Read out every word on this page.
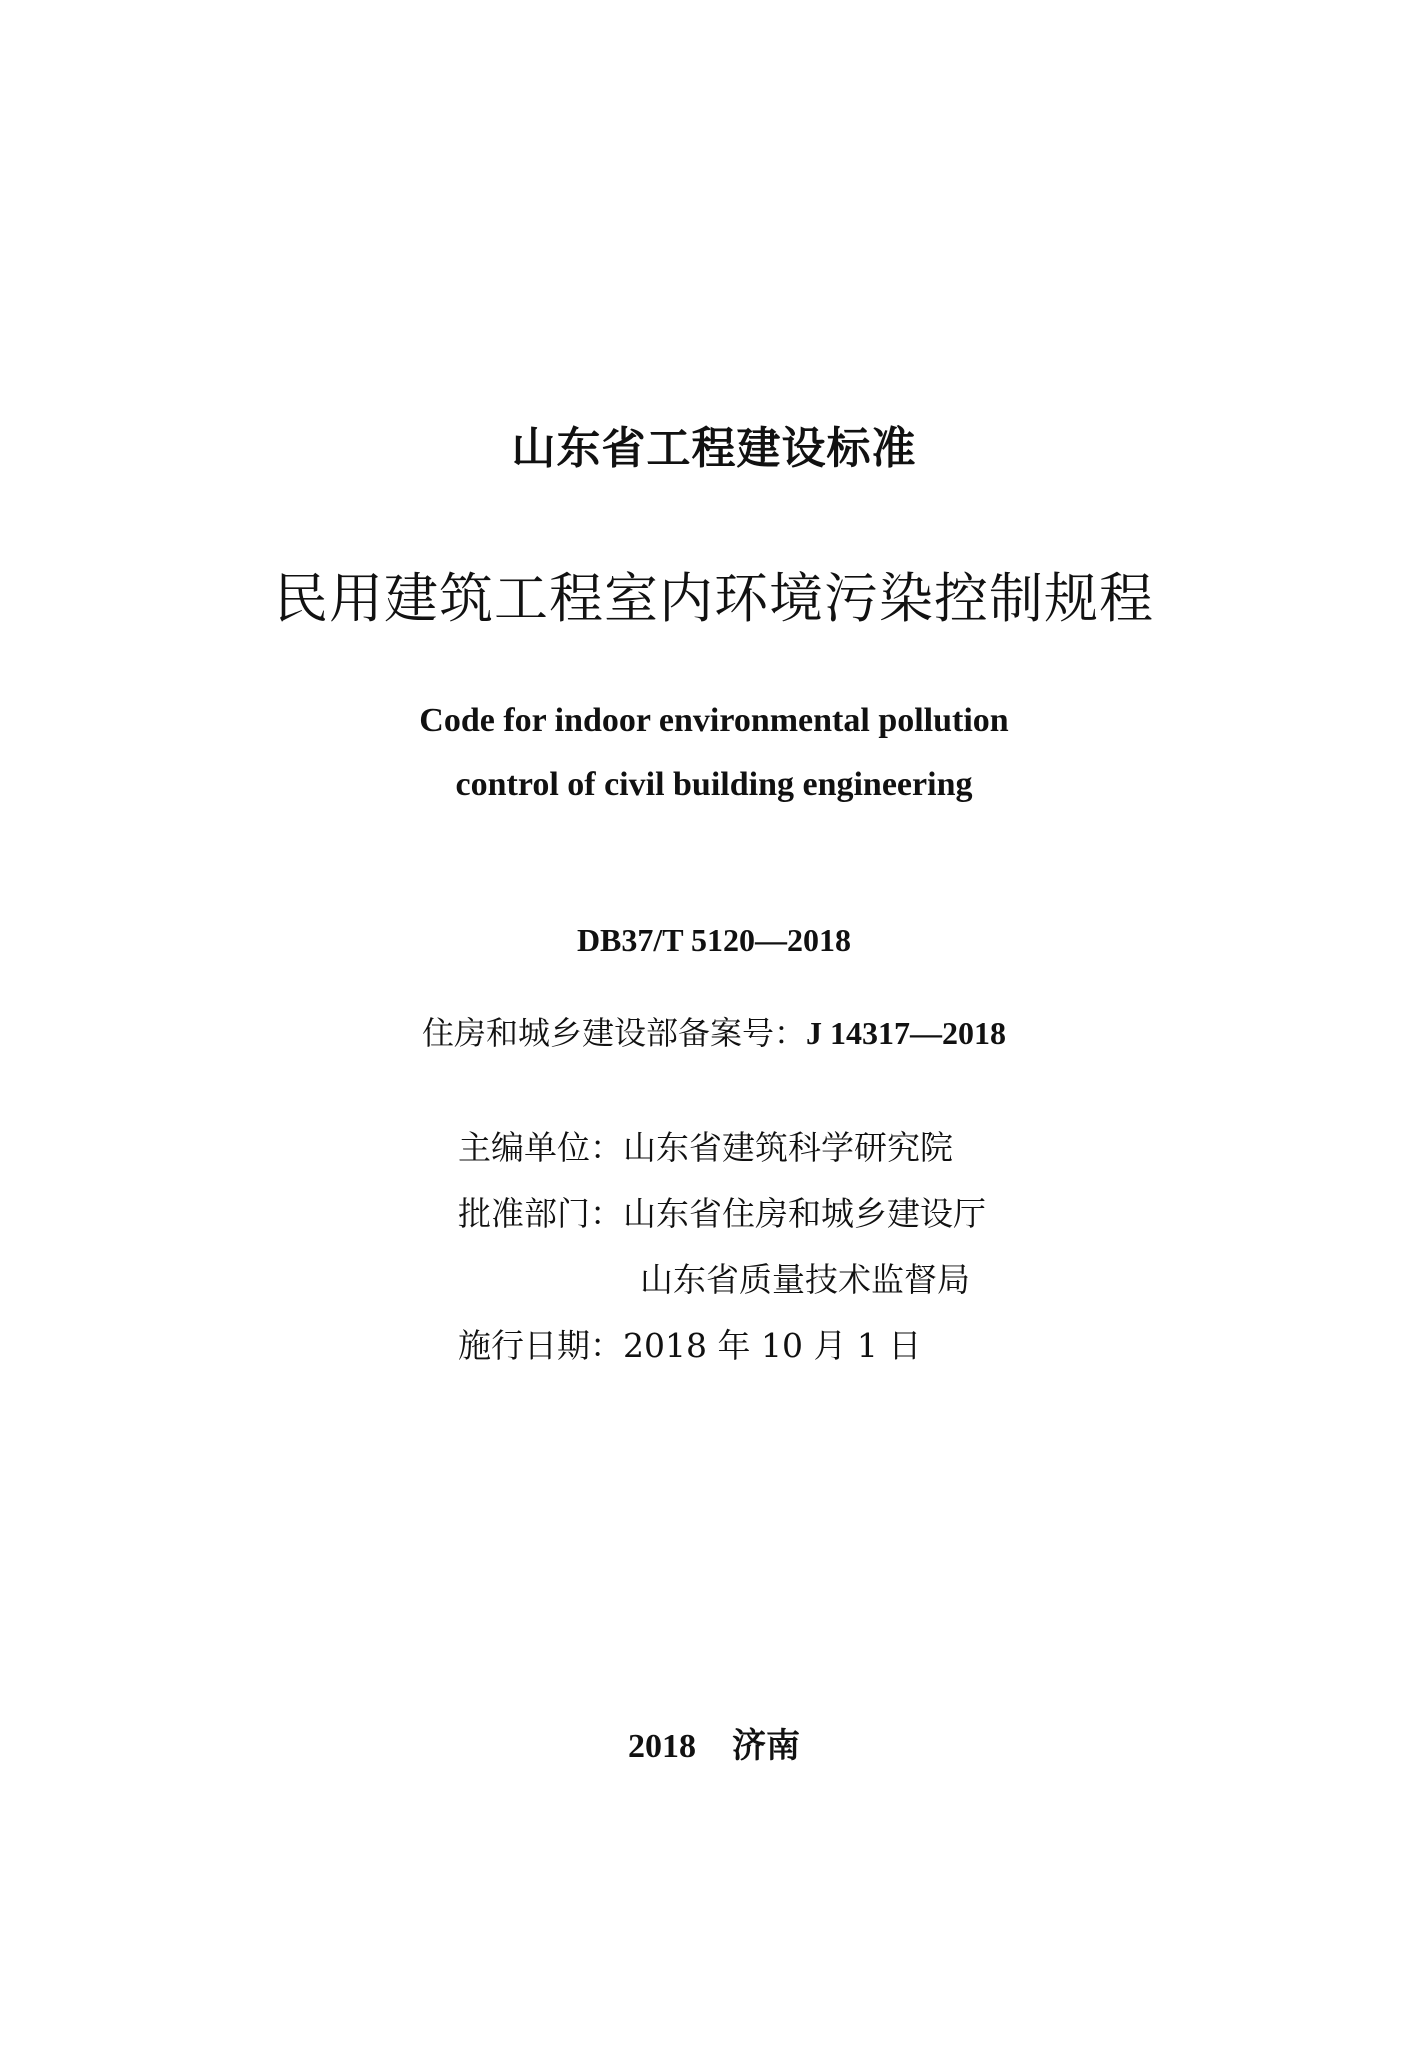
山东省工程建设标准
民用建筑工程室内环境污染控制规程
Code for indoor environmental pollution
control of civil building engineering
DB37/T 5120—2018
住房和城乡建设部备案号：J 14317—2018
主编单位：山东省建筑科学研究院
批准部门：山东省住房和城乡建设厅
山东省质量技术监督局
施行日期：2018 年 10 月 1 日
2018 济南
